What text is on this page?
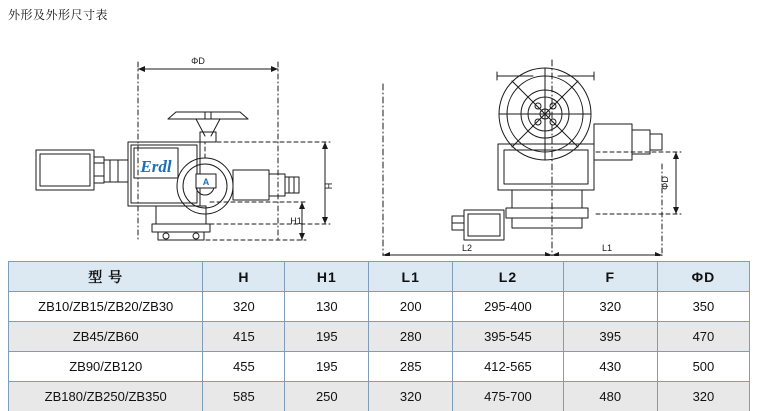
外形及外形尺寸表
ΦD
Erdl
A	H
H1
ΦD
L2	L1
型 号	H	H1	L1	L2	F	ΦD
ZB10/ZB15/ZB20/ZB30	320	130	200	295-400	320	350
ZB45/ZB60	415	195	280	395-545	395	470
ZB90/ZB120	455	195	285	412-565	430	500
ZB180/ZB250/ZB350	585	250	320	475-700	480	320
